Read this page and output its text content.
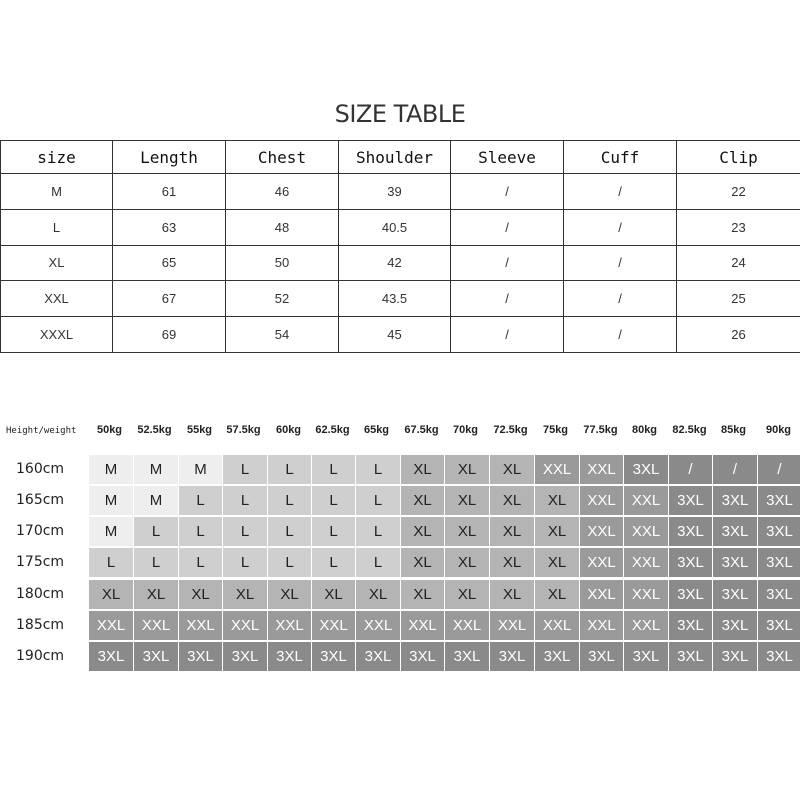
SIZE TABLE
size	Length	Chest	Shoulder	Sleeve	Cuff	Clip
M	61	46	39	/	/	22
L	63	48	40.5	/	/	23
XL	65	50	42	/	/	24
XXL	67	52	43.5	/	/	25
XXXL	69	54	45	/	/	26
Height/weight	50kg	52.5kg	55kg	57.5kg	60kg	62.5kg	65kg	67.5kg	70kg	72.5kg	75kg	77.5kg	80kg	82.5kg	85kg	90kg
160cm	M	M	M	L	L	L	L	XL	XL	XL	XXL	XXL	3XL	/	/	/
165cm	M	M	L	L	L	L	L	XL	XL	XL	XL	XXL	XXL	3XL	3XL	3XL
170cm	M	L	L	L	L	L	L	XL	XL	XL	XL	XXL	XXL	3XL	3XL	3XL
175cm	L	L	L	L	L	L	L	XL	XL	XL	XL	XXL	XXL	3XL	3XL	3XL
180cm	XL	XL	XL	XL	XL	XL	XL	XL	XL	XL	XL	XXL	XXL	3XL	3XL	3XL
185cm	XXL	XXL	XXL	XXL	XXL	XXL	XXL	XXL	XXL	XXL	XXL	XXL	XXL	3XL	3XL	3XL
190cm	3XL	3XL	3XL	3XL	3XL	3XL	3XL	3XL	3XL	3XL	3XL	3XL	3XL	3XL	3XL	3XL
